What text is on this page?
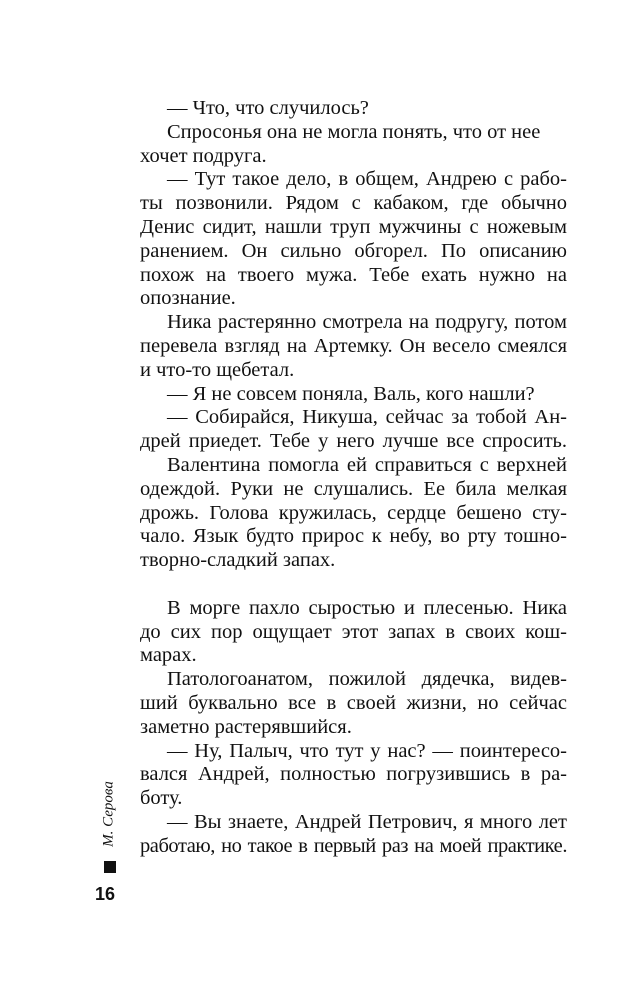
— Что, что случилось?
Спросонья она не могла понять, что от нее
хочет подруга.
— Тут такое дело, в общем, Андрею с рабо-
ты позвонили. Рядом с кабаком, где обычно
Денис сидит, нашли труп мужчины с ножевым
ранением. Он сильно обгорел. По описанию
похож на твоего мужа. Тебе ехать нужно на
опознание.
Ника растерянно смотрела на подругу, потом
перевела взгляд на Артемку. Он весело смеялся
и что-то щебетал.
— Я не совсем поняла, Валь, кого нашли?
— Собирайся, Никуша, сейчас за тобой Ан-
дрей приедет. Тебе у него лучше все спросить.
Валентина помогла ей справиться с верхней
одеждой. Руки не слушались. Ее била мелкая
дрожь. Голова кружилась, сердце бешено сту-
чало. Язык будто прирос к небу, во рту тошно-
творно-сладкий запах.
В морге пахло сыростью и плесенью. Ника
до сих пор ощущает этот запах в своих кош-
марах.
Патологоанатом, пожилой дядечка, видев-
ший буквально все в своей жизни, но сейчас
заметно растерявшийся.
— Ну, Палыч, что тут у нас? — поинтересо-
вался Андрей, полностью погрузившись в ра-
боту.
— Вы знаете, Андрей Петрович, я много лет
работаю, но такое в первый раз на моей практике.
М. Серова
16
